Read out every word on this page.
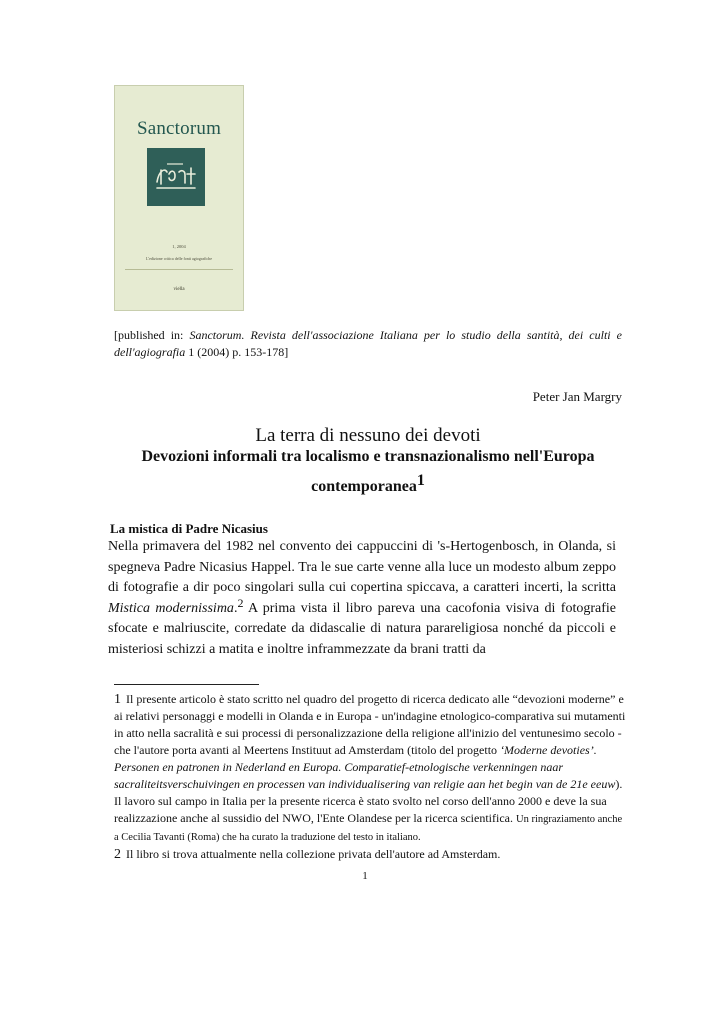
Sanctorum
1, 2004
L'edizione critica delle fonti agiografiche
viella
[published in: Sanctorum. Revista dell'associazione Italiana per lo studio della santità, dei culti e dell'agiografia 1 (2004) p. 153-178]
Peter Jan Margry
La terra di nessuno dei devoti
Devozioni informali tra localismo e transnazionalismo nell'Europa contemporanea1
La mistica di Padre Nicasius
Nella primavera del 1982 nel convento dei cappuccini di 's-Hertogenbosch, in Olanda, si spegneva Padre Nicasius Happel. Tra le sue carte venne alla luce un modesto album zeppo di fotografie a dir poco singolari sulla cui copertina spiccava, a caratteri incerti, la scritta Mistica modernissima.$^2$ A prima vista il libro pareva una cacofonia visiva di fotografie sfocate e malriuscite, corredate da didascalie di natura parareligiosa nonché da piccoli e misteriosi schizzi a matita e inoltre inframmezzate da brani tratti da

1 Il presente articolo è stato scritto nel quadro del progetto di ricerca dedicato alle “devozioni moderne” e ai relativi personaggi e modelli in Olanda e in Europa - un'indagine etnologico-comparativa sui mutamenti in atto nella sacralità e sui processi di personalizzazione della religione all'inizio del ventunesimo secolo - che l'autore porta avanti al Meertens Instituut ad Amsterdam (titolo del progetto ‘Moderne devoties’. Personen en patronen in Nederland en Europa. Comparatief-etnologische verkenningen naar sacraliteitsverschuivingen en processen van individualisering van religie aan het begin van de 21e eeuw). Il lavoro sul campo in Italia per la presente ricerca è stato svolto nel corso dell'anno 2000 e deve la sua realizzazione anche al sussidio del NWO, l'Ente Olandese per la ricerca scientifica. Un ringraziamento anche a Cecilia Tavanti (Roma) che ha curato la traduzione del testo in italiano.

2 Il libro si trova attualmente nella collezione privata dell'autore ad Amsterdam.

1
